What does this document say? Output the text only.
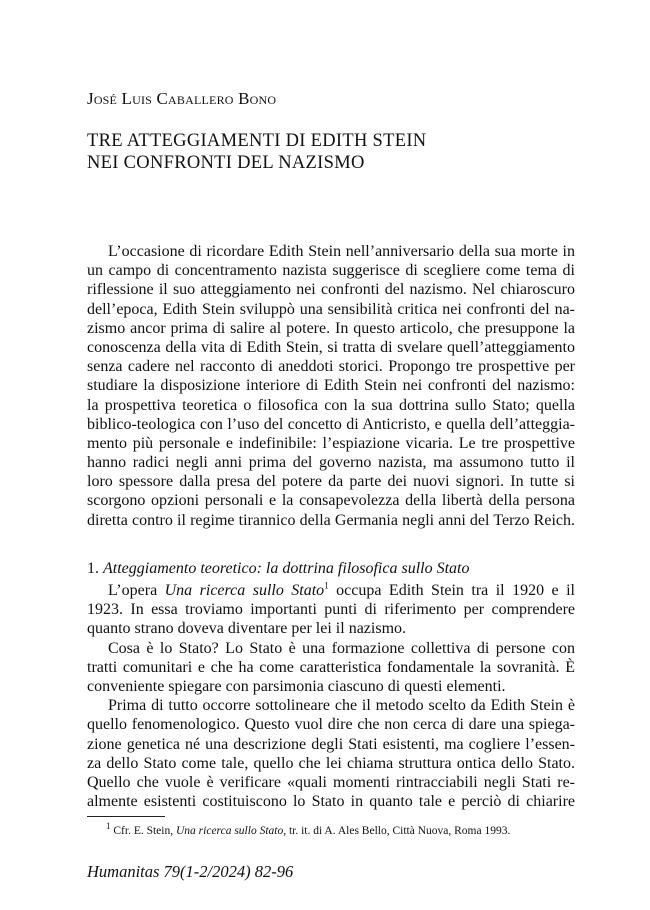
José Luis Caballero Bono
TRE ATTEGGIAMENTI DI EDITH STEIN
NEI CONFRONTI DEL NAZISMO
L’occasione di ricordare Edith Stein nell’anniversario della sua morte in
un campo di concentramento nazista suggerisce di scegliere come tema di
riflessione il suo atteggiamento nei confronti del nazismo. Nel chiaroscuro
dell’epoca, Edith Stein sviluppò una sensibilità critica nei confronti del na-
zismo ancor prima di salire al potere. In questo articolo, che presuppone la
conoscenza della vita di Edith Stein, si tratta di svelare quell’atteggiamento
senza cadere nel racconto di aneddoti storici. Propongo tre prospettive per
studiare la disposizione interiore di Edith Stein nei confronti del nazismo:
la prospettiva teoretica o filosofica con la sua dottrina sullo Stato; quella
biblico-teologica con l’uso del concetto di Anticristo, e quella dell’atteggia-
mento più personale e indefinibile: l’espiazione vicaria. Le tre prospettive
hanno radici negli anni prima del governo nazista, ma assumono tutto il
loro spessore dalla presa del potere da parte dei nuovi signori. In tutte si
scorgono opzioni personali e la consapevolezza della libertà della persona
diretta contro il regime tirannico della Germania negli anni del Terzo Reich.
1. Atteggiamento teoretico: la dottrina filosofica sullo Stato
L’opera Una ricerca sullo Stato$^1$ occupa Edith Stein tra il 1920 e il
1923. In essa troviamo importanti punti di riferimento per comprendere
quanto strano doveva diventare per lei il nazismo.
Cosa è lo Stato? Lo Stato è una formazione collettiva di persone con
tratti comunitari e che ha come caratteristica fondamentale la sovranità. È
conveniente spiegare con parsimonia ciascuno di questi elementi.
Prima di tutto occorre sottolineare che il metodo scelto da Edith Stein è
quello fenomenologico. Questo vuol dire che non cerca di dare una spiega-
zione genetica né una descrizione degli Stati esistenti, ma cogliere l’essen-
za dello Stato come tale, quello che lei chiama struttura ontica dello Stato.
Quello che vuole è verificare «quali momenti rintracciabili negli Stati re-
almente esistenti costituiscono lo Stato in quanto tale e perciò di chiarire
$^1$ Cfr. E. Stein, Una ricerca sullo Stato, tr. it. di A. Ales Bello, Città Nuova, Roma 1993.
Humanitas 79(1-2/2024) 82-96
